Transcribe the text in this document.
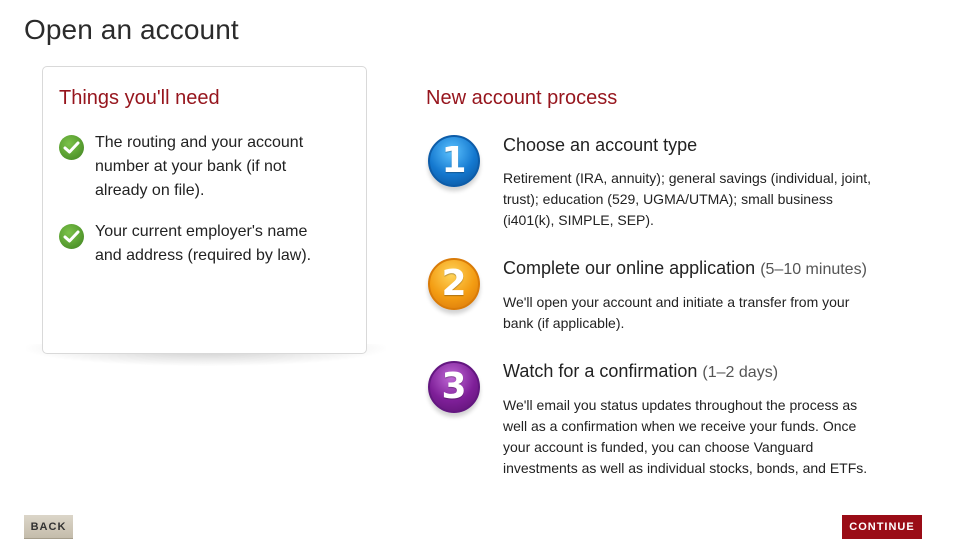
Open an account
Things you'll need
The routing and your account number at your bank (if not already on file).
Your current employer's name and address (required by law).
New account process
1	Choose an account type
Retirement (IRA, annuity); general savings (individual, joint, trust); education (529, UGMA/UTMA); small business (i401(k), SIMPLE, SEP).
2	Complete our online application (5–10 minutes)
We'll open your account and initiate a transfer from your bank (if applicable).
3	Watch for a confirmation (1–2 days)
We'll email you status updates throughout the process as well as a confirmation when we receive your funds. Once your account is funded, you can choose Vanguard investments as well as individual stocks, bonds, and ETFs.
BACK	CONTINUE
